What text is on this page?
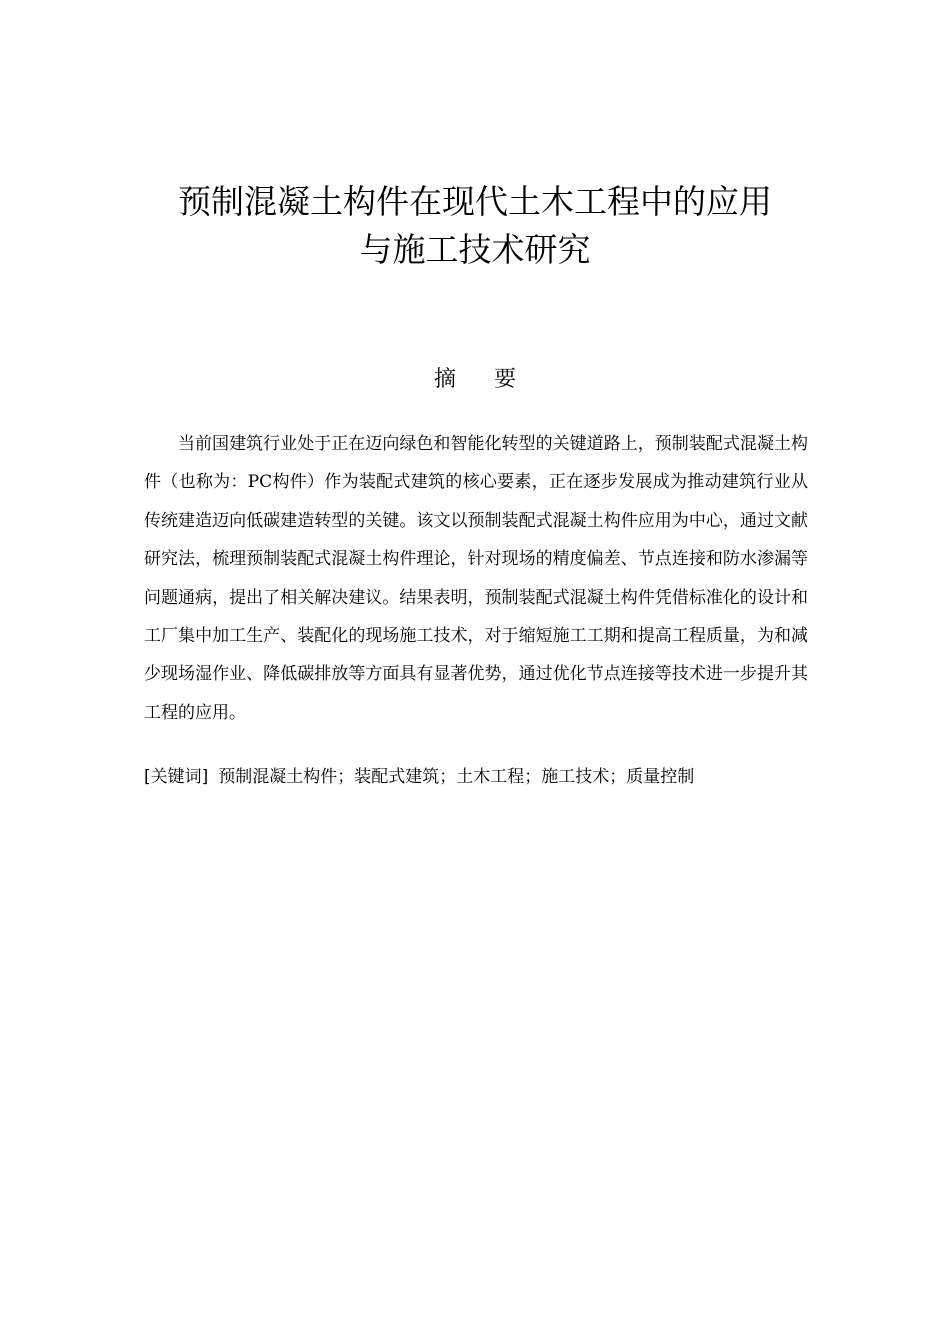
预制混凝土构件在现代土木工程中的应用
与施工技术研究
摘要

当前国建筑行业处于正在迈向绿色和智能化转型的关键道路上，预制装配式混凝土构件（也称为：PC构件）作为装配式建筑的核心要素，正在逐步发展成为推动建筑行业从传统建造迈向低碳建造转型的关键。该文以预制装配式混凝土构件应用为中心，通过文献研究法，梳理预制装配式混凝土构件理论，针对现场的精度偏差、节点连接和防水渗漏等问题通病，提出了相关解决建议。结果表明，预制装配式混凝土构件凭借标准化的设计和工厂集中加工生产、装配化的现场施工技术，对于缩短施工工期和提高工程质量，为和减少现场湿作业、降低碳排放等方面具有显著优势，通过优化节点连接等技术进一步提升其工程的应用。

[关键词] 预制混凝土构件；装配式建筑；土木工程；施工技术；质量控制
